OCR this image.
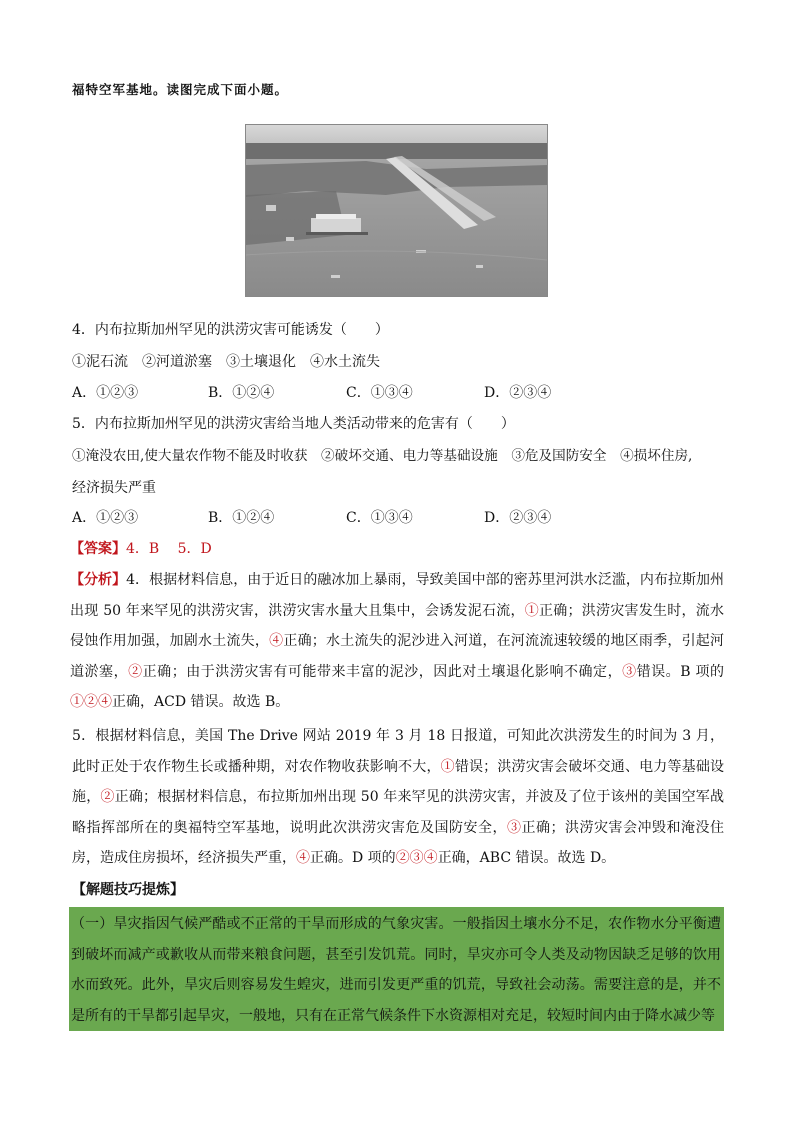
福特空军基地。读图完成下面小题。
4．内布拉斯加州罕见的洪涝灾害可能诱发（　　）
①泥石流　②河道淤塞　③土壤退化　④水土流失
A．①②③	B．①②④	C．①③④	D．②③④
5．内布拉斯加州罕见的洪涝灾害给当地人类活动带来的危害有（　　）
①淹没农田,使大量农作物不能及时收获　②破坏交通、电力等基础设施　③危及国防安全　④损坏住房,
经济损失严重
A．①②③	B．①②④	C．①③④	D．②③④
【答案】4．B　 5．D
【分析】4．根据材料信息，由于近日的融冰加上暴雨，导致美国中部的密苏里河洪水泛滥，内布拉斯加州出现 50 年来罕见的洪涝灾害，洪涝灾害水量大且集中，会诱发泥石流，①正确；洪涝灾害发生时，流水侵蚀作用加强，加剧水土流失，④正确；水土流失的泥沙进入河道，在河流流速较缓的地区雨季，引起河道淤塞，②正确；由于洪涝灾害有可能带来丰富的泥沙，因此对土壤退化影响不确定，③错误。B 项的①②④正确，ACD 错误。故选 B。
5．根据材料信息，美国 The Drive 网站 2019 年 3 月 18 日报道，可知此次洪涝发生的时间为 3 月，此时正处于农作物生长或播种期，对农作物收获影响不大，①错误；洪涝灾害会破坏交通、电力等基础设施，②正确；根据材料信息，布拉斯加州出现 50 年来罕见的洪涝灾害，并波及了位于该州的美国空军战略指挥部所在的奥福特空军基地，说明此次洪涝灾害危及国防安全，③正确；洪涝灾害会冲毁和淹没住房，造成住房损坏，经济损失严重，④正确。D 项的②③④正确，ABC 错误。故选 D。
【解题技巧提炼】
（一）旱灾指因气候严酷或不正常的干旱而形成的气象灾害。一般指因土壤水分不足，农作物水分平衡遭到破坏而减产或歉收从而带来粮食问题，甚至引发饥荒。同时，旱灾亦可令人类及动物因缺乏足够的饮用水而致死。此外，旱灾后则容易发生蝗灾，进而引发更严重的饥荒，导致社会动荡。需要注意的是，并不是所有的干旱都引起旱灾，一般地，只有在正常气候条件下水资源相对充足，较短时间内由于降水减少等
